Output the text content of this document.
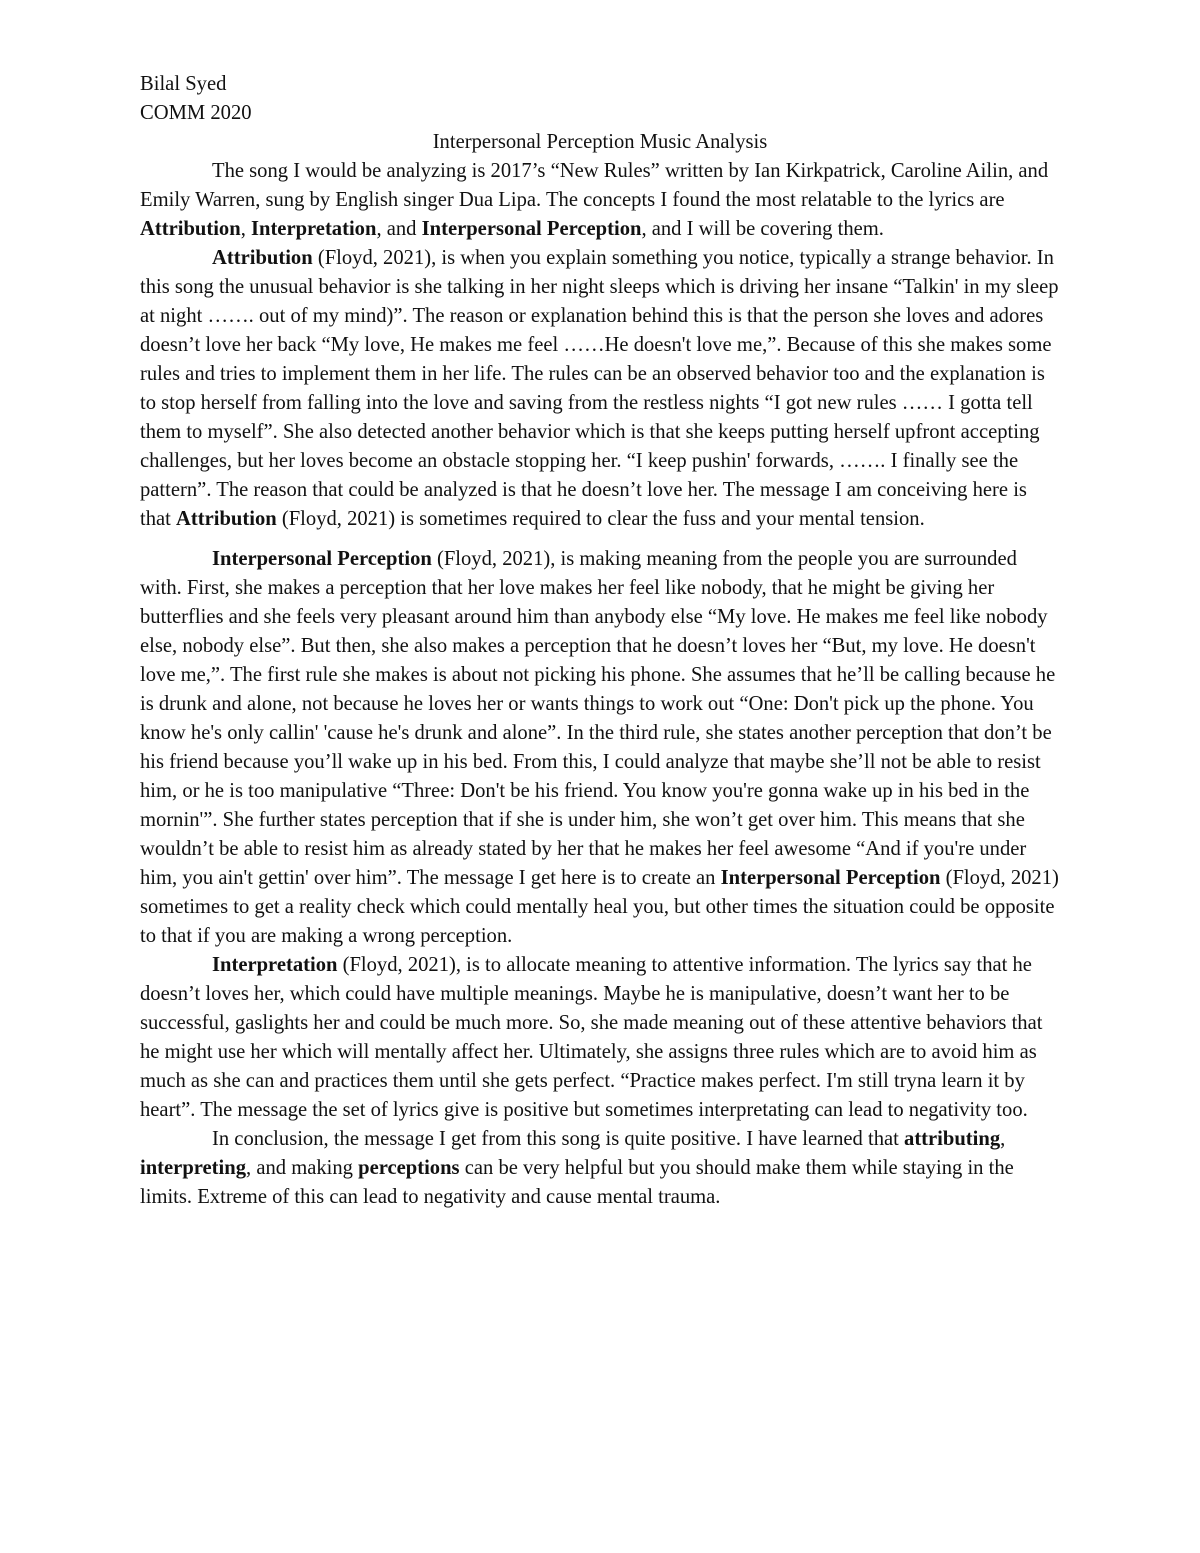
Bilal Syed
COMM 2020
Interpersonal Perception Music Analysis

The song I would be analyzing is 2017’s “New Rules” written by Ian Kirkpatrick, Caroline Ailin, and Emily Warren, sung by English singer Dua Lipa. The concepts I found the most relatable to the lyrics are Attribution, Interpretation, and Interpersonal Perception, and I will be covering them.

Attribution (Floyd, 2021), is when you explain something you notice, typically a strange behavior. In this song the unusual behavior is she talking in her night sleeps which is driving her insane “Talkin' in my sleep at night ……. out of my mind)”. The reason or explanation behind this is that the person she loves and adores doesn’t love her back “My love, He makes me feel ……He doesn't love me,”. Because of this she makes some rules and tries to implement them in her life. The rules can be an observed behavior too and the explanation is to stop herself from falling into the love and saving from the restless nights “I got new rules …… I gotta tell them to myself”. She also detected another behavior which is that she keeps putting herself upfront accepting challenges, but her loves become an obstacle stopping her. “I keep pushin' forwards, ……. I finally see the pattern”. The reason that could be analyzed is that he doesn’t love her. The message I am conceiving here is that Attribution (Floyd, 2021) is sometimes required to clear the fuss and your mental tension.

Interpersonal Perception (Floyd, 2021), is making meaning from the people you are surrounded with. First, she makes a perception that her love makes her feel like nobody, that he might be giving her butterflies and she feels very pleasant around him than anybody else “My love. He makes me feel like nobody else, nobody else”. But then, she also makes a perception that he doesn’t loves her “But, my love. He doesn't love me,”. The first rule she makes is about not picking his phone. She assumes that he’ll be calling because he is drunk and alone, not because he loves her or wants things to work out “One: Don't pick up the phone. You know he's only callin' 'cause he's drunk and alone”. In the third rule, she states another perception that don’t be his friend because you’ll wake up in his bed. From this, I could analyze that maybe she’ll not be able to resist him, or he is too manipulative “Three: Don't be his friend. You know you're gonna wake up in his bed in the mornin'”. She further states perception that if she is under him, she won’t get over him. This means that she wouldn’t be able to resist him as already stated by her that he makes her feel awesome “And if you're under him, you ain't gettin' over him”. The message I get here is to create an Interpersonal Perception (Floyd, 2021) sometimes to get a reality check which could mentally heal you, but other times the situation could be opposite to that if you are making a wrong perception.

Interpretation (Floyd, 2021), is to allocate meaning to attentive information. The lyrics say that he doesn’t loves her, which could have multiple meanings. Maybe he is manipulative, doesn’t want her to be successful, gaslights her and could be much more. So, she made meaning out of these attentive behaviors that he might use her which will mentally affect her. Ultimately, she assigns three rules which are to avoid him as much as she can and practices them until she gets perfect. “Practice makes perfect. I'm still tryna learn it by heart”. The message the set of lyrics give is positive but sometimes interpretating can lead to negativity too.

In conclusion, the message I get from this song is quite positive. I have learned that attributing, interpreting, and making perceptions can be very helpful but you should make them while staying in the limits. Extreme of this can lead to negativity and cause mental trauma.
